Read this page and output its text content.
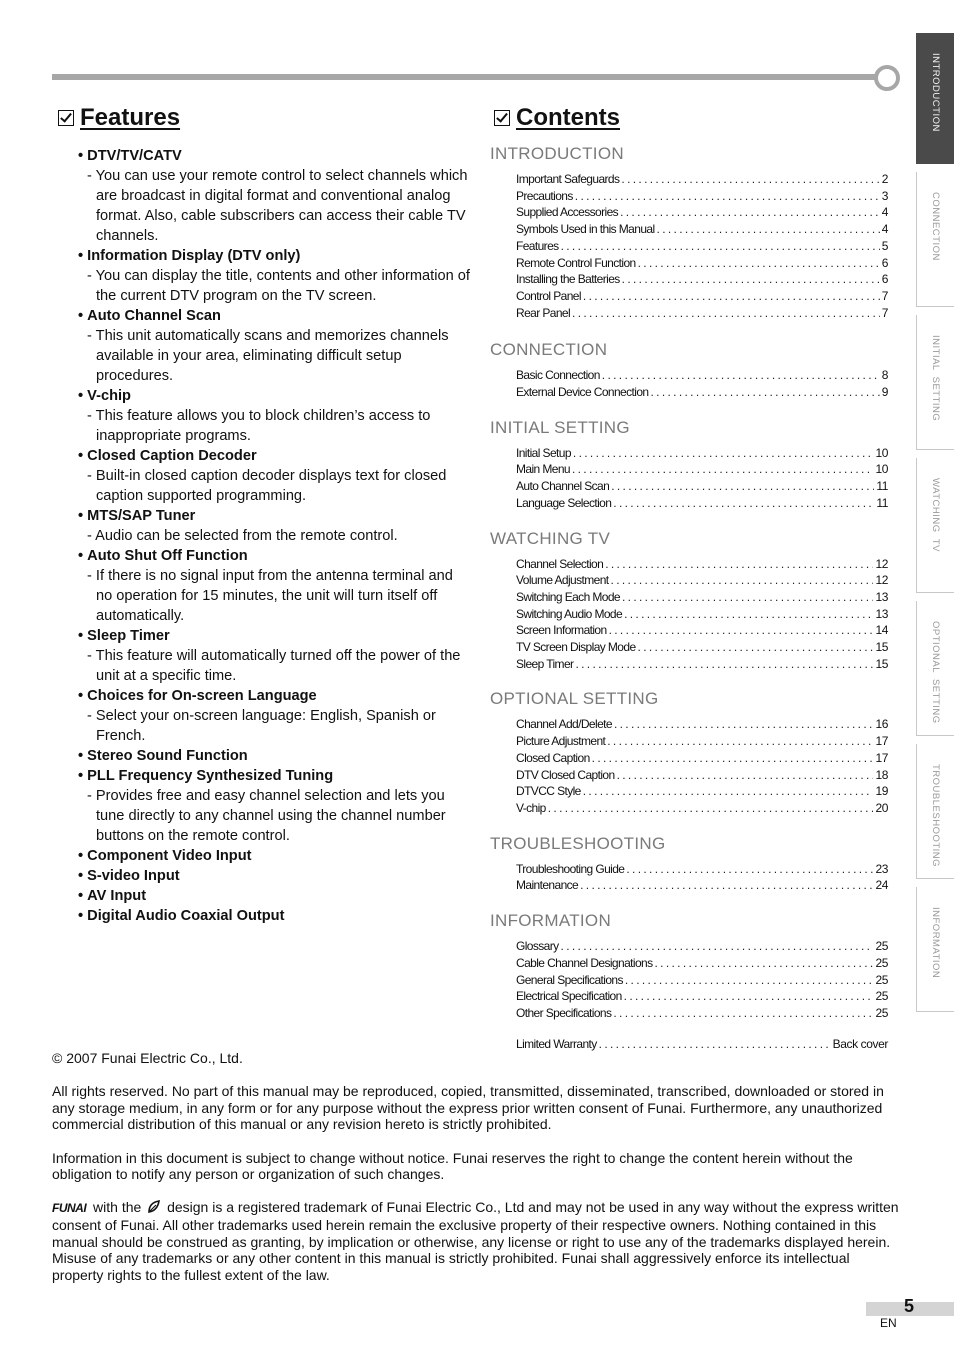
INTRODUCTION
CONNECTION
INITIAL  SETTING
WATCHING  TV
OPTIONAL  SETTING
TROUBLESHOOTING
INFORMATION
Features

• DTV/TV/CATV

- You can use your remote control to select channels which are broadcast in digital format and conventional analog format. Also, cable subscribers can access their cable TV channels.

• Information Display (DTV only)

- You can display the title, contents and other information of the current DTV program on the TV screen.

• Auto Channel Scan

- This unit automatically scans and memorizes channels available in your area, eliminating difficult setup procedures.

• V-chip

- This feature allows you to block children’s access to inappropriate programs.

• Closed Caption Decoder

- Built-in closed caption decoder displays text for closed caption supported programming.

• MTS/SAP Tuner

- Audio can be selected from the remote control.

• Auto Shut Off Function

- If there is no signal input from the antenna terminal and no operation for 15 minutes, the unit will turn itself off automatically.

• Sleep Timer

- This feature will automatically turned off the power of the unit at a specific time.

• Choices for On-screen Language

- Select your on-screen language: English, Spanish or French.

• Stereo Sound Function

• PLL Frequency Synthesized Tuning

- Provides free and easy channel selection and lets you tune directly to any channel using the channel number buttons on the remote control.

• Component Video Input

• S-video Input

• AV Input

• Digital Audio Coaxial Output

Contents

INTRODUCTION

Important Safeguards . . .	2
Precautions . . .	3
Supplied Accessories . . .	4
Symbols Used in this Manual . . .	4
Features . . .	5
Remote Control Function . . .	6
Installing the Batteries . . .	6
Control Panel . . .	7
Rear Panel . . .	7

CONNECTION

Basic Connection . . .	8
External Device Connection . . .	9

INITIAL SETTING

Initial Setup . . .	10
Main Menu . . .	10
Auto Channel Scan . . .	11
Language Selection . . .	11

WATCHING TV

Channel Selection . . .	12
Volume Adjustment . . .	12
Switching Each Mode . . .	13
Switching Audio Mode . . .	13
Screen Information . . .	14
TV Screen Display Mode . . .	15
Sleep Timer . . .	15

OPTIONAL SETTING

Channel Add/Delete . . .	16
Picture Adjustment . . .	17
Closed Caption . . .	17
DTV Closed Caption . . .	18
DTVCC Style . . .	19
V-chip . . .	20

TROUBLESHOOTING

Troubleshooting Guide . . .	23
Maintenance . . .	24

INFORMATION

Glossary . . .	25
Cable Channel Designations . . .	25
General Specifications . . .	25
Electrical Specification . . .	25
Other Specifications . . .	25
Limited Warranty . . .	Back cover

© 2007 Funai Electric Co., Ltd.

All rights reserved. No part of this manual may be reproduced, copied, transmitted, disseminated, transcribed, downloaded or stored in any storage medium, in any form or for any purpose without the express prior written consent of Funai. Furthermore, any unauthorized commercial distribution of this manual or any revision hereto is strictly prohibited.

Information in this document is subject to change without notice. Funai reserves the right to change the content herein without the obligation to notify any person or organization of such changes.

FUNAI with the  design is a registered trademark of Funai Electric Co., Ltd and may not be used in any way without the express written consent of Funai. All other trademarks used herein remain the exclusive property of their respective owners. Nothing contained in this manual should be construed as granting, by implication or otherwise, any license or right to use any of the trademarks displayed herein. Misuse of any trademarks or any other content in this manual is strictly prohibited. Funai shall aggressively enforce its intellectual property rights to the fullest extent of the law.

5
EN
